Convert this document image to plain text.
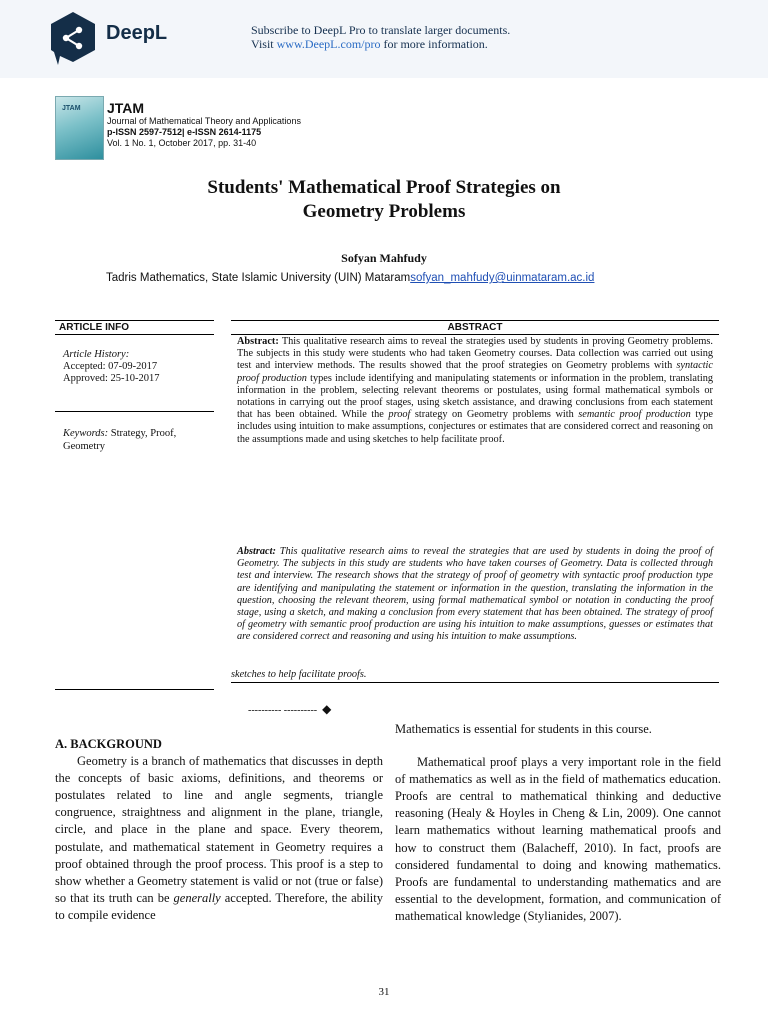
DeepL	Subscribe to DeepL Pro to translate larger documents.
Visit www.DeepL.com/pro for more information.
JTAM JTAM
Journal of Mathematical Theory and Applications
p-ISSN 2597-7512| e-ISSN 2614-1175
Vol. 1 No. 1, October 2017, pp. 31-40
Students' Mathematical Proof Strategies on
Geometry Problems
Sofyan Mahfudy
Tadris Mathematics, State Islamic University (UIN) Mataramsofyan_mahfudy@uinmataram.ac.id
ARTICLE INFO	ABSTRACT
Article History:
Accepted: 07-09-2017
Approved: 25-10-2017
Keywords: Strategy, Proof, Geometry
Abstract: This qualitative research aims to reveal the strategies used by students in proving Geometry problems. The subjects in this study were students who had taken Geometry courses. Data collection was carried out using test and interview methods. The results showed that the proof strategies on Geometry problems with syntactic proof production types include identifying and manipulating statements or information in the problem, translating information in the problem, selecting relevant theorems or postulates, using formal mathematical symbols or notations in carrying out the proof stages, using sketch assistance, and drawing conclusions from each statement that has been obtained. While the proof strategy on Geometry problems with semantic proof production type includes using intuition to make assumptions, conjectures or estimates that are considered correct and reasoning on the assumptions made and using sketches to help facilitate proof.
Abstract: This qualitative research aims to reveal the strategies that are used by students in doing the proof of Geometry. The subjects in this study are students who have taken courses of Geometry. Data is collected through test and interview. The research shows that the strategy of proof of geometry with syntactic proof production type are identifying and manipulating the statement or information in the question, translating the information in the question, choosing the relevant theorem, using formal mathematical symbol or notation in conducting the proof stage, using a sketch, and making a conclusion from every statement that has been obtained. The strategy of proof of geometry with semantic proof production are using his intuition to make assumptions, guesses or estimates that are considered correct and reasoning and using his intuition to make assumptions.
sketches to help facilitate proofs.
---------- ---------- ◆
A. BACKGROUND
Geometry is a branch of mathematics that discusses in depth the concepts of basic axioms, definitions, and theorems or postulates related to line and angle segments, triangle congruence, straightness and alignment in the plane, triangle, circle, and place in the plane and space. Every theorem, postulate, and mathematical statement in Geometry requires a proof obtained through the proof process. This proof is a step to show whether a Geometry statement is valid or not (true or false) so that its truth can be generally accepted. Therefore, the ability to compile evidence
Mathematics is essential for students in this course.
Mathematical proof plays a very important role in the field of mathematics as well as in the field of mathematics education. Proofs are central to mathematical thinking and deductive reasoning (Healy & Hoyles in Cheng & Lin, 2009). One cannot learn mathematics without learning mathematical proofs and how to construct them (Balacheff, 2010). In fact, proofs are considered fundamental to doing and knowing mathematics. Proofs are fundamental to understanding mathematics and are essential to the development, formation, and communication of mathematical knowledge (Stylianides, 2007).
31
